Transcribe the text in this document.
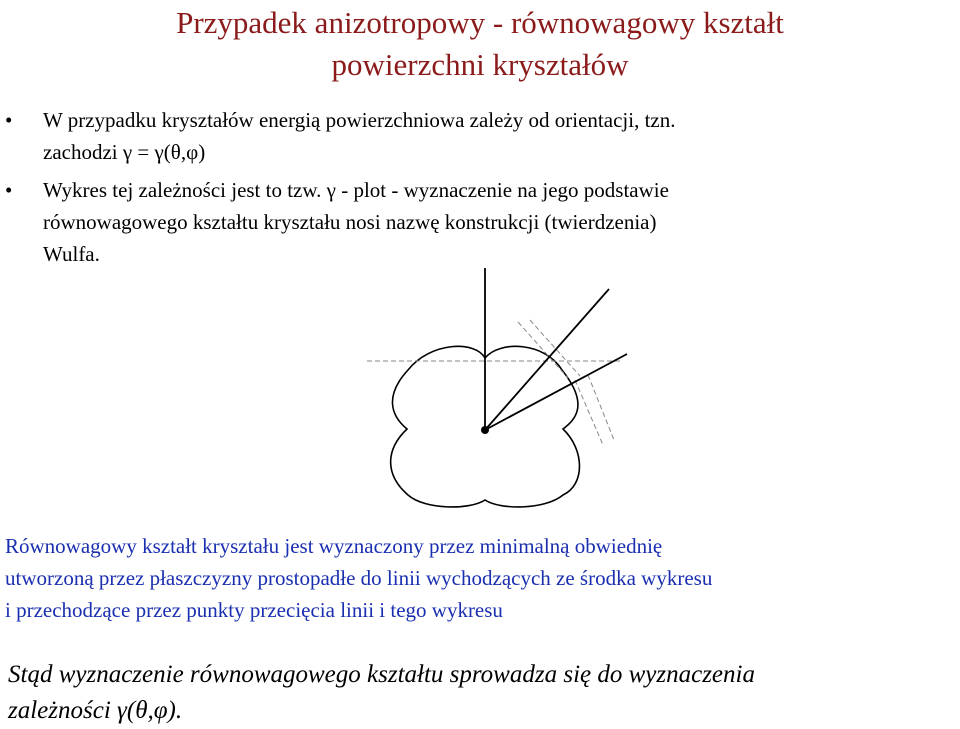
Przypadek anizotropowy - równowagowy kształt
powierzchni kryształów
• W przypadku kryształów energią powierzchniowa zależy od orientacji, tzn.
zachodzi γ = γ(θ,φ)
• Wykres tej zależności jest to tzw. γ - plot - wyznaczenie na jego podstawie
równowagowego kształtu kryształu nosi nazwę konstrukcji (twierdzenia)
Wulfa.
Równowagowy kształt kryształu jest wyznaczony przez minimalną obwiednię
utworzoną przez płaszczyzny prostopadłe do linii wychodzących ze środka wykresu
i przechodzące przez punkty przecięcia linii i tego wykresu
Stąd wyznaczenie równowagowego kształtu sprowadza się do wyznaczenia
zależności γ(θ,φ).
